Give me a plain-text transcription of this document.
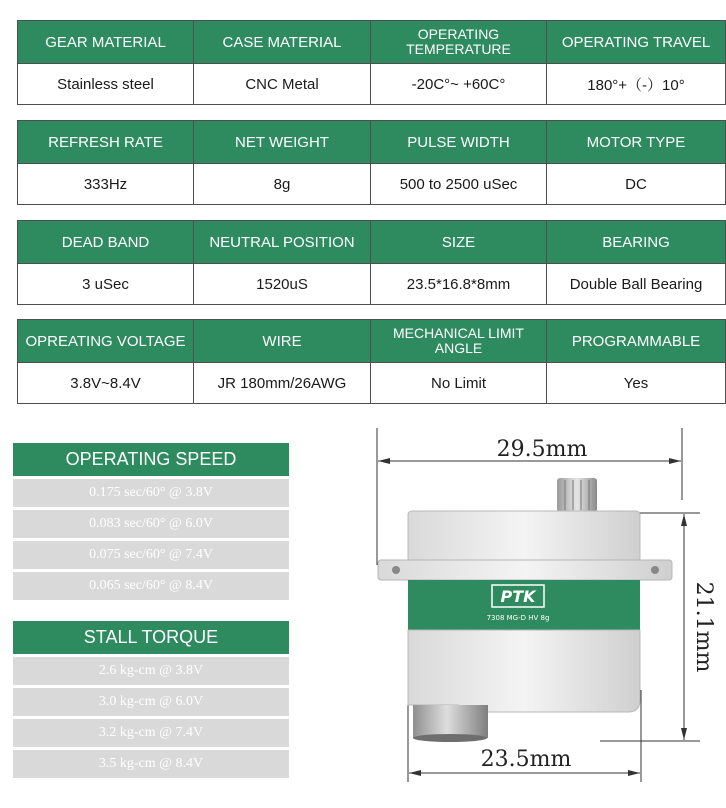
GEAR MATERIAL	CASE MATERIAL	OPERATING TEMPERATURE	OPERATING TRAVEL
Stainless steel	CNC Metal	-20C°~ +60C°	180°+（-）10°
REFRESH RATE	NET WEIGHT	PULSE WIDTH	MOTOR TYPE
333Hz	8g	500 to 2500 uSec	DC
DEAD BAND	NEUTRAL POSITION	SIZE	BEARING
3 uSec	1520uS	23.5*16.8*8mm	Double Ball Bearing
OPREATING VOLTAGE	WIRE	MECHANICAL LIMIT ANGLE	PROGRAMMABLE
3.8V~8.4V	JR 180mm/26AWG	No Limit	Yes
OPERATING SPEED
0.175 sec/60° @ 3.8V
0.083 sec/60° @ 6.0V
0.075 sec/60° @ 7.4V
0.065 sec/60° @ 8.4V
STALL TORQUE
2.6 kg-cm @ 3.8V
3.0 kg-cm @ 6.0V
3.2 kg-cm @ 7.4V
3.5 kg-cm @ 8.4V
PTK
7308 MG-D HV 8g
29.5mm
23.5mm
21.1mm
